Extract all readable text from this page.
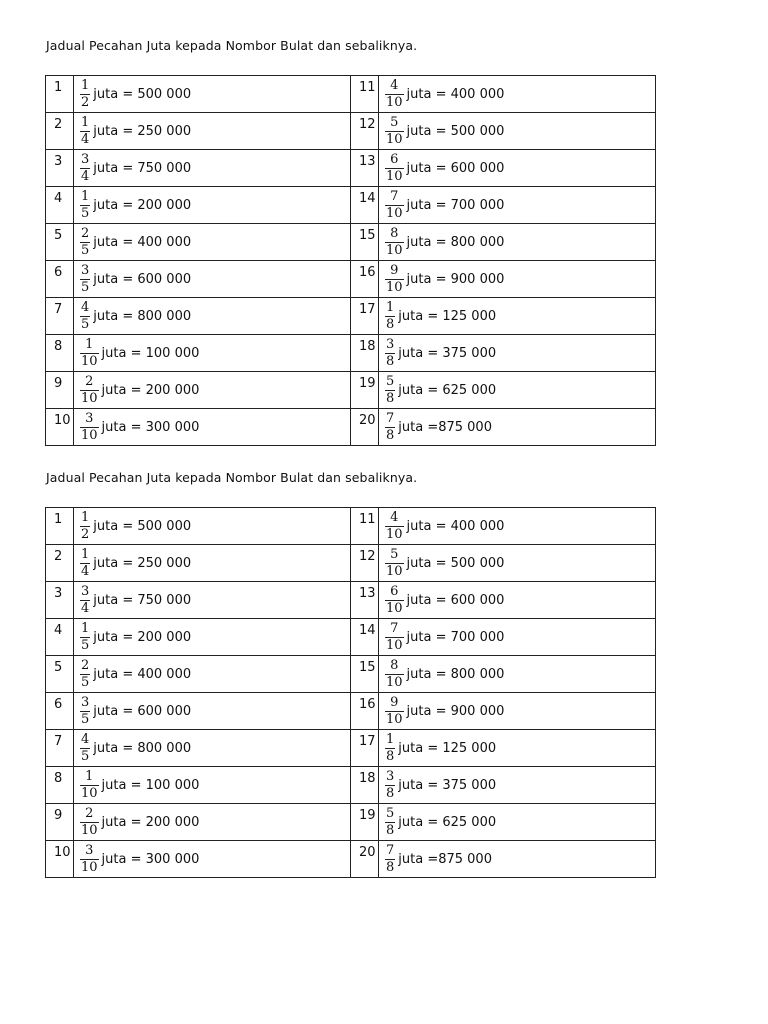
Jadual Pecahan Juta kepada Nombor Bulat dan sebaliknya.
1	$\frac{1}{2}$ juta = 500 000	11	$\frac{4}{10}$ juta = 400 000

2	$\frac{1}{4}$ juta = 250 000	12	$\frac{5}{10}$ juta = 500 000

3	$\frac{3}{4}$ juta = 750 000	13	$\frac{6}{10}$ juta = 600 000

4	$\frac{1}{5}$ juta = 200 000	14	$\frac{7}{10}$ juta = 700 000

5	$\frac{2}{5}$ juta = 400 000	15	$\frac{8}{10}$ juta = 800 000

6	$\frac{3}{5}$ juta = 600 000	16	$\frac{9}{10}$ juta = 900 000

7	$\frac{4}{5}$ juta = 800 000	17	$\frac{1}{8}$ juta = 125 000

8	$\frac{1}{10}$ juta = 100 000	18	$\frac{3}{8}$ juta = 375 000

9	$\frac{2}{10}$ juta = 200 000	19	$\frac{5}{8}$ juta = 625 000

10	$\frac{3}{10}$ juta = 300 000	20	$\frac{7}{8}$ juta =875 000
Jadual Pecahan Juta kepada Nombor Bulat dan sebaliknya.
1	$\frac{1}{2}$ juta = 500 000	11	$\frac{4}{10}$ juta = 400 000

2	$\frac{1}{4}$ juta = 250 000	12	$\frac{5}{10}$ juta = 500 000

3	$\frac{3}{4}$ juta = 750 000	13	$\frac{6}{10}$ juta = 600 000

4	$\frac{1}{5}$ juta = 200 000	14	$\frac{7}{10}$ juta = 700 000

5	$\frac{2}{5}$ juta = 400 000	15	$\frac{8}{10}$ juta = 800 000

6	$\frac{3}{5}$ juta = 600 000	16	$\frac{9}{10}$ juta = 900 000

7	$\frac{4}{5}$ juta = 800 000	17	$\frac{1}{8}$ juta = 125 000

8	$\frac{1}{10}$ juta = 100 000	18	$\frac{3}{8}$ juta = 375 000

9	$\frac{2}{10}$ juta = 200 000	19	$\frac{5}{8}$ juta = 625 000

10	$\frac{3}{10}$ juta = 300 000	20	$\frac{7}{8}$ juta =875 000
